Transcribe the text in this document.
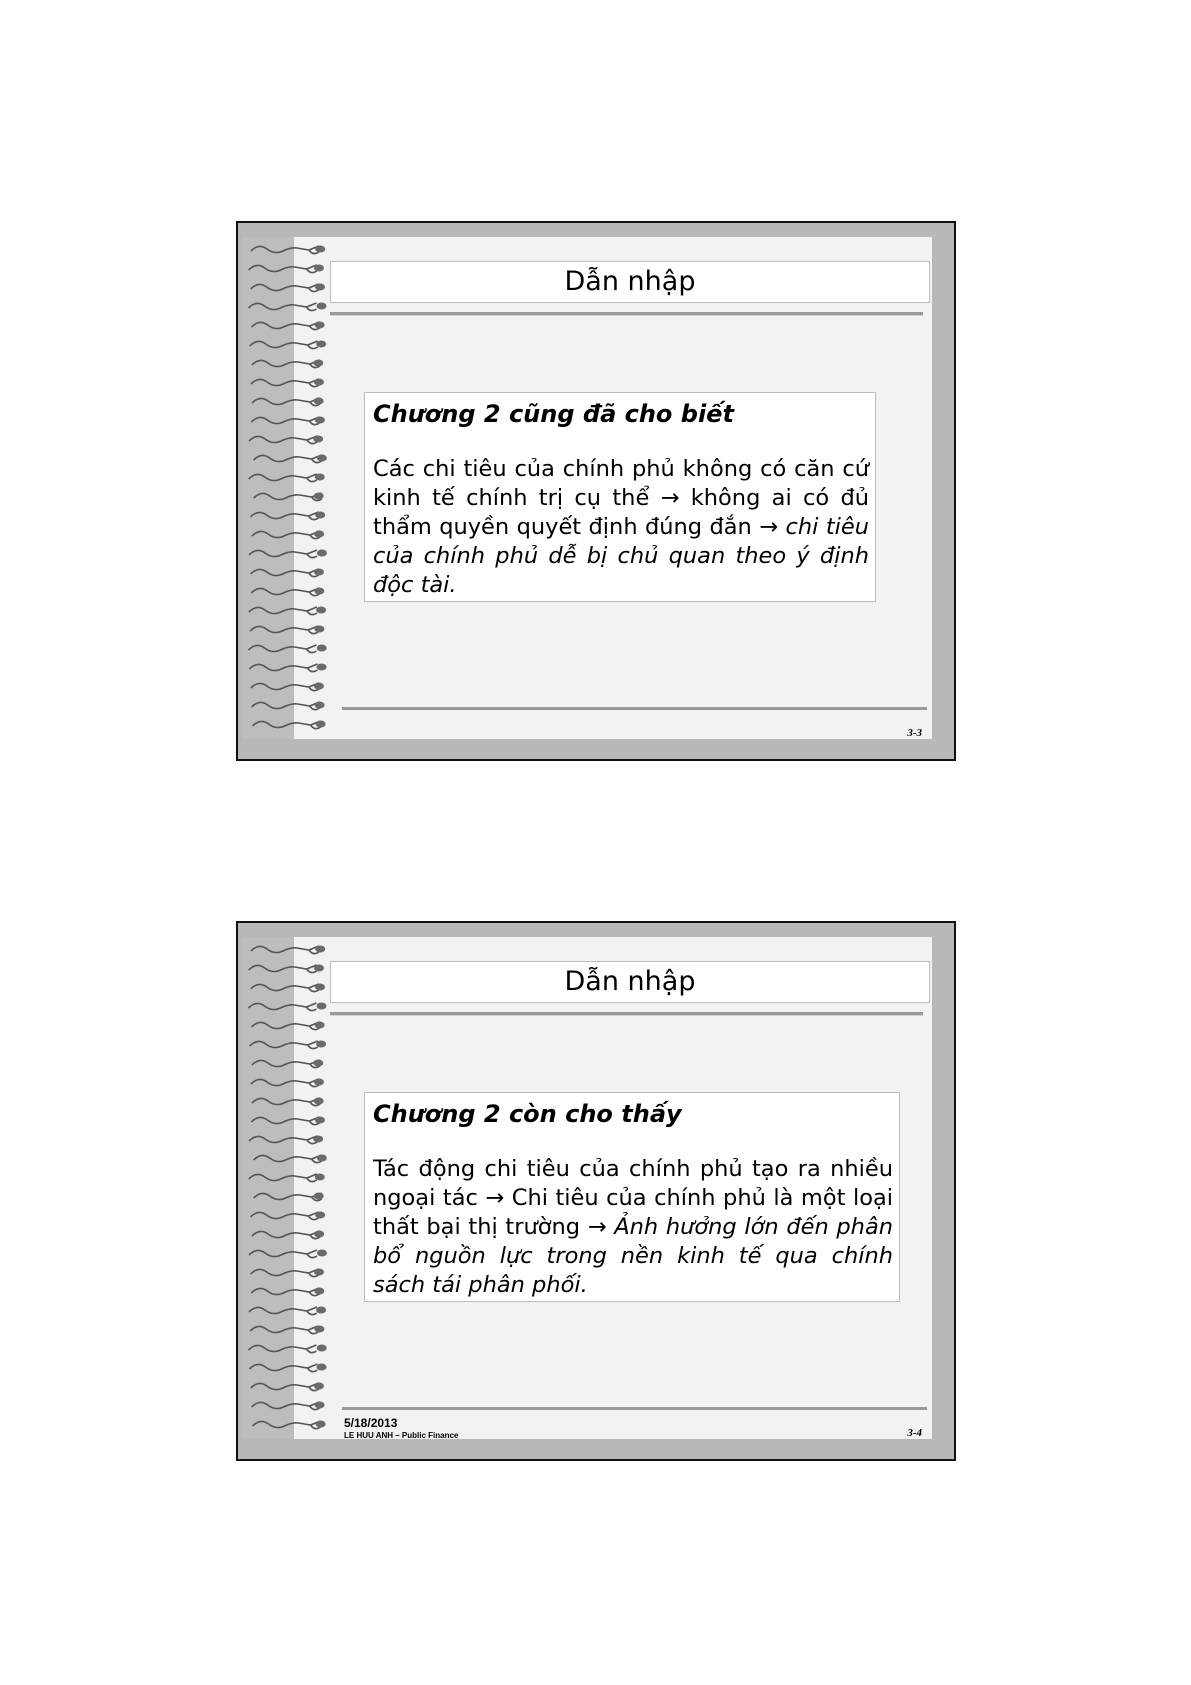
Dẫn nhập
Chương 2 cũng đã cho biết
Các chi tiêu của chính phủ không có căn cứ kinh tế chính trị cụ thể → không ai có đủ thẩm quyền quyết định đúng đắn → chi tiêu của chính phủ dễ bị chủ quan theo ý định độc tài.
3-3
Dẫn nhập
Chương 2 còn cho thấy
Tác động chi tiêu của chính phủ tạo ra nhiều ngoại tác → Chi tiêu của chính phủ là một loại thất bại thị trường → Ảnh hưởng lớn đến phân bổ nguồn lực trong nền kinh tế qua chính sách tái phân phối.
5/18/2013
LE HUU ANH – Public Finance	3-4
